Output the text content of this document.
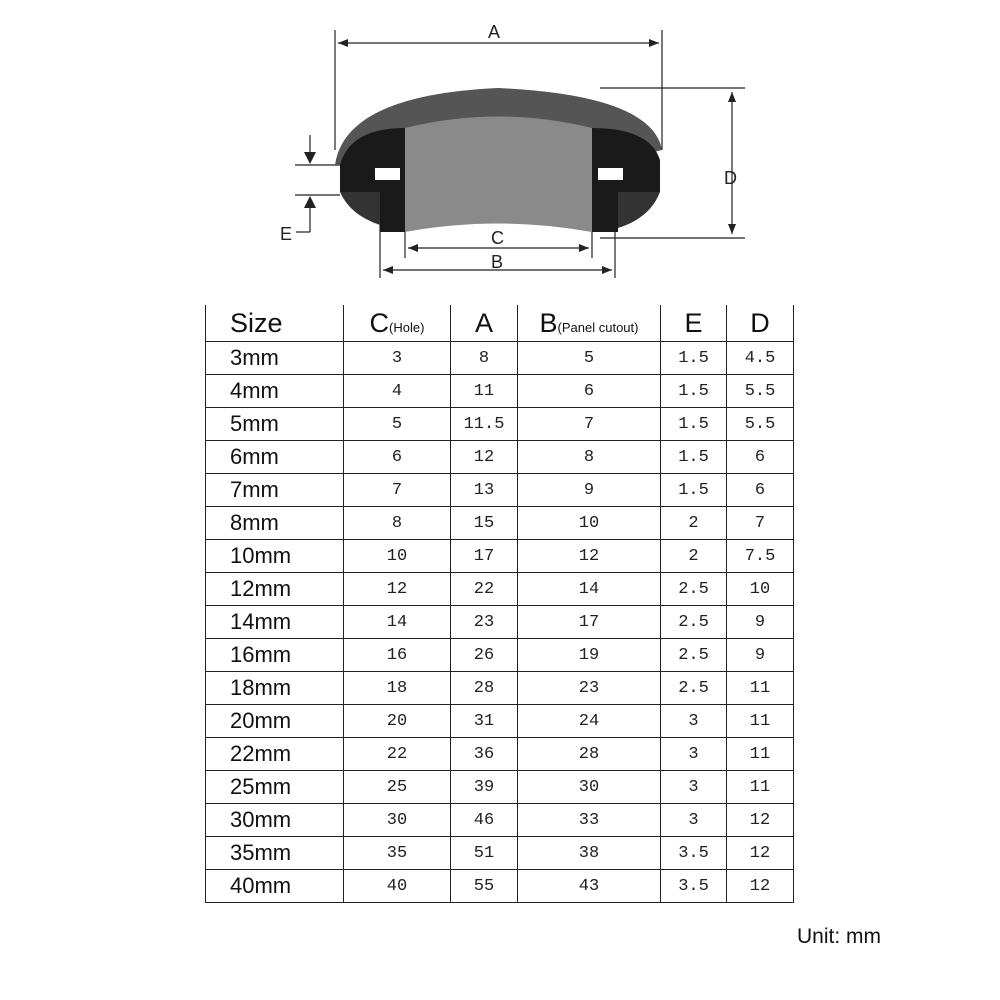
A
D
C
B
E
Size	C(Hole)	A	B(Panel cutout)	E	D
3mm	3	8	5	1.5	4.5
4mm	4	11	6	1.5	5.5
5mm	5	11.5	7	1.5	5.5
6mm	6	12	8	1.5	6
7mm	7	13	9	1.5	6
8mm	8	15	10	2	7
10mm	10	17	12	2	7.5
12mm	12	22	14	2.5	10
14mm	14	23	17	2.5	9
16mm	16	26	19	2.5	9
18mm	18	28	23	2.5	11
20mm	20	31	24	3	11
22mm	22	36	28	3	11
25mm	25	39	30	3	11
30mm	30	46	33	3	12
35mm	35	51	38	3.5	12
40mm	40	55	43	3.5	12
Unit: mm
